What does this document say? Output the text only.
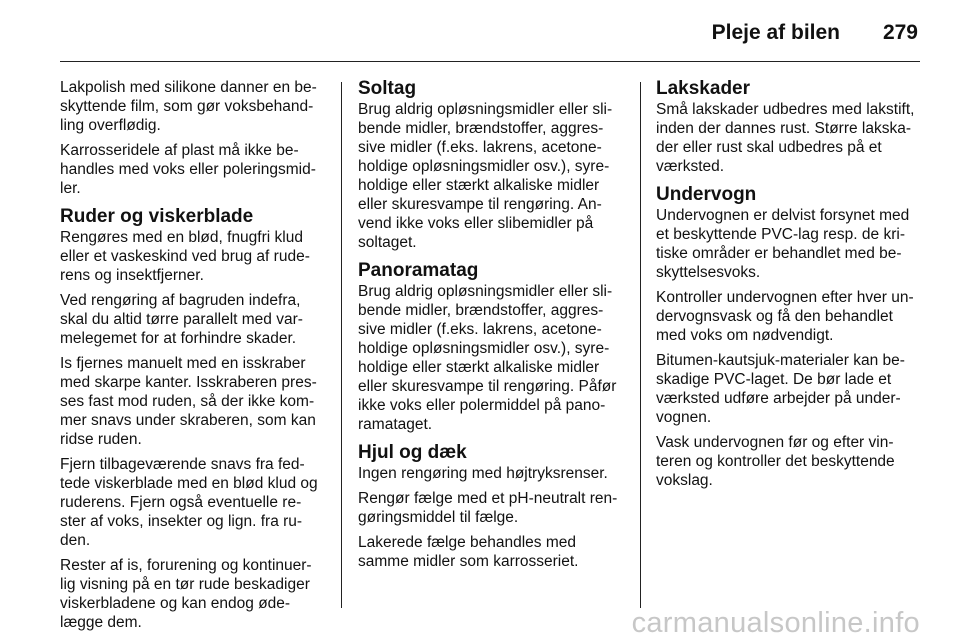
Pleje af bilen 279

Lakpolish med silikone danner en be-skyttende film, som gør voksbehand-ling overflødig.

Karrosseridele af plast må ikke be-handles med voks eller poleringsmid-ler.

Ruder og viskerblade

Rengøres med en blød, fnugfri klud eller et vaskeskind ved brug af rude-rens og insektfjerner.

Ved rengøring af bagruden indefra, skal du altid tørre parallelt med var-melegemet for at forhindre skader.

Is fjernes manuelt med en isskraber med skarpe kanter. Isskraberen pres-ses fast mod ruden, så der ikke kom-mer snavs under skraberen, som kan ridse ruden.

Fjern tilbageværende snavs fra fed-tede viskerblade med en blød klud og ruderens. Fjern også eventuelle re-ster af voks, insekter og lign. fra ru-den.

Rester af is, forurening og kontinuer-lig visning på en tør rude beskadiger viskerbladene og kan endog øde-lægge dem.

Soltag

Brug aldrig opløsningsmidler eller sli-bende midler, brændstoffer, aggres-sive midler (f.eks. lakrens, acetone-holdige opløsningsmidler osv.), syre-holdige eller stærkt alkaliske midler eller skuresvampe til rengøring. An-vend ikke voks eller slibemidler på soltaget.

Panoramatag

Brug aldrig opløsningsmidler eller sli-bende midler, brændstoffer, aggres-sive midler (f.eks. lakrens, acetone-holdige opløsningsmidler osv.), syre-holdige eller stærkt alkaliske midler eller skuresvampe til rengøring. Påfør ikke voks eller polermiddel på pano-ramataget.

Hjul og dæk

Ingen rengøring med højtryksrenser.

Rengør fælge med et pH-neutralt ren-gøringsmiddel til fælge.

Lakerede fælge behandles med samme midler som karrosseriet.

Lakskader

Små lakskader udbedres med lakstift, inden der dannes rust. Større lakska-der eller rust skal udbedres på et værksted.

Undervogn

Undervognen er delvist forsynet med et beskyttende PVC-lag resp. de kri-tiske områder er behandlet med be-skyttelsesvoks.

Kontroller undervognen efter hver un-dervognsvask og få den behandlet med voks om nødvendigt.

Bitumen-kautsjuk-materialer kan be-skadige PVC-laget. De bør lade et værksted udføre arbejder på under-vognen.

Vask undervognen før og efter vin-teren og kontroller det beskyttende vokslag.

carmanualsonline.info
